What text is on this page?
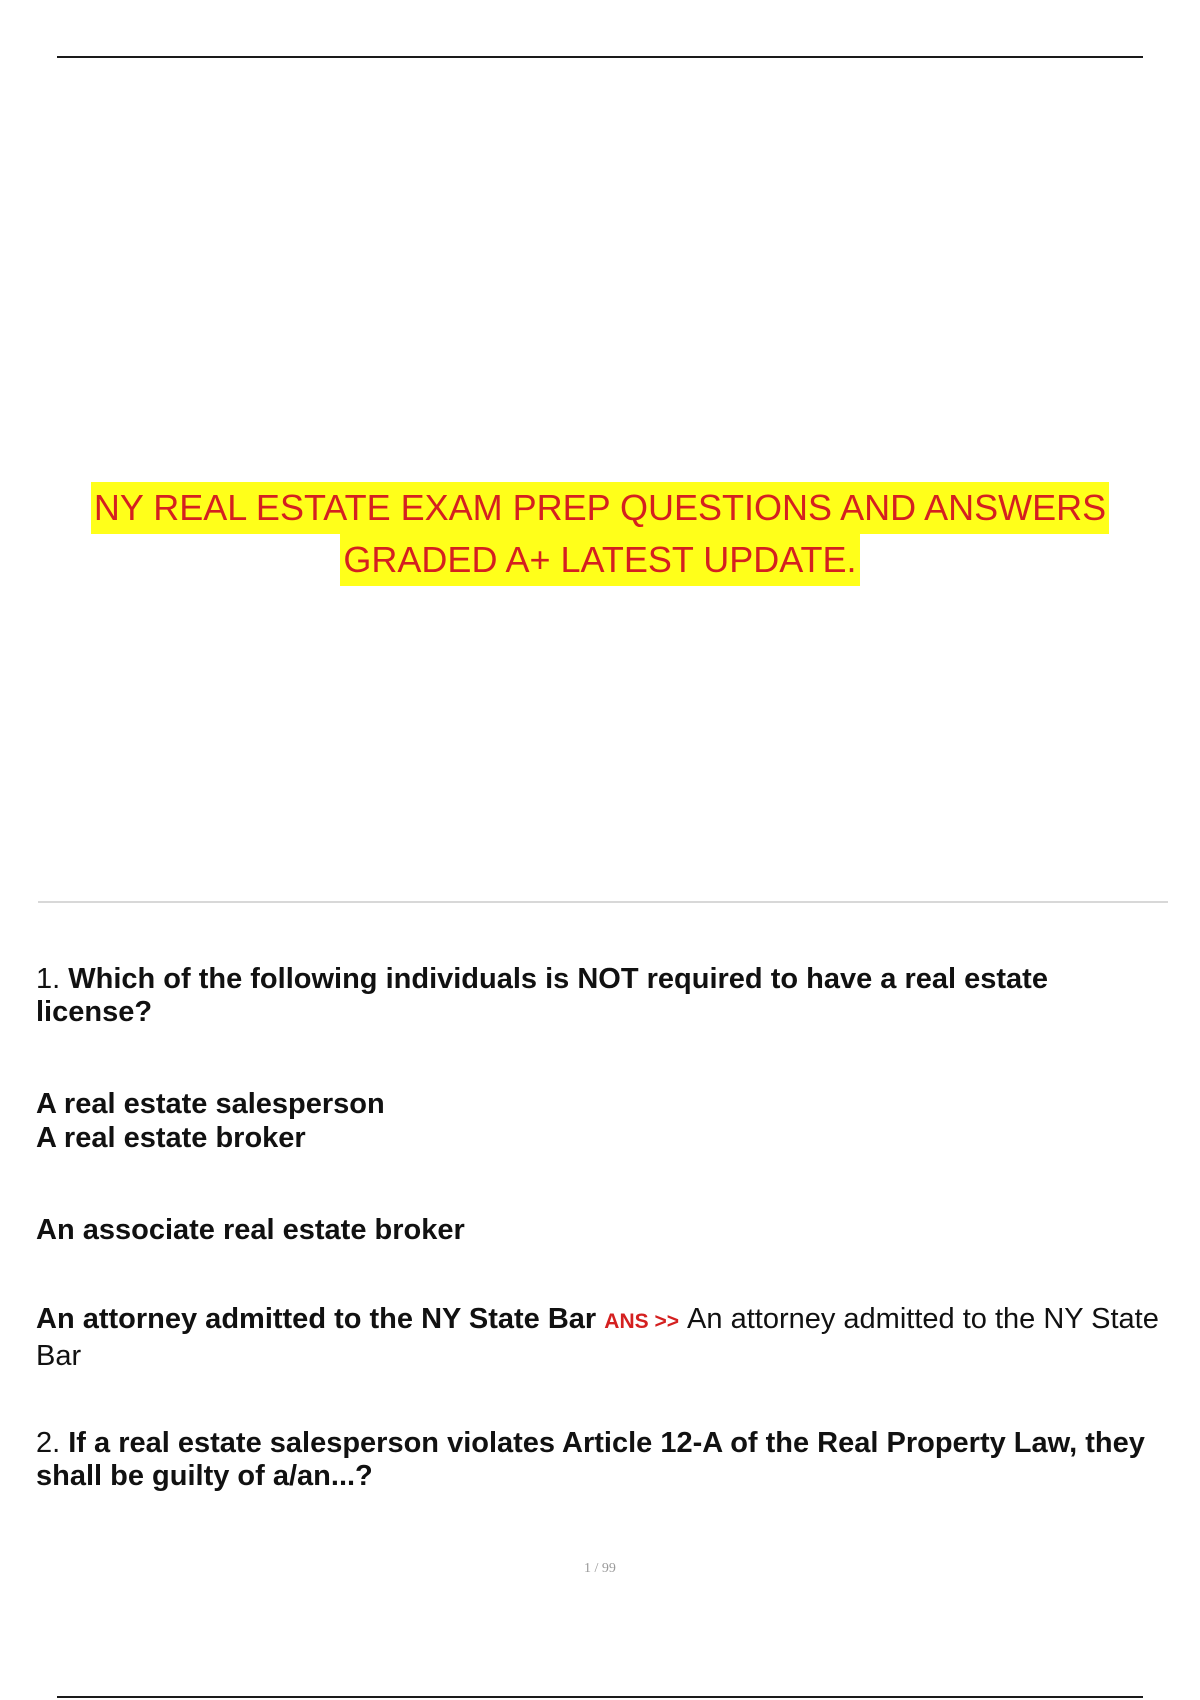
NY REAL ESTATE EXAM PREP QUESTIONS AND ANSWERS
GRADED A+ LATEST UPDATE.
1. Which of the following individuals is NOT required to have a real estate license?
A real estate salesperson
A real estate broker
An associate real estate broker
An attorney admitted to the NY State Bar ANS >> An attorney admitted to the NY State Bar
2. If a real estate salesperson violates Article 12-A of the Real Property Law, they shall be guilty of a/an...?
1 / 99
